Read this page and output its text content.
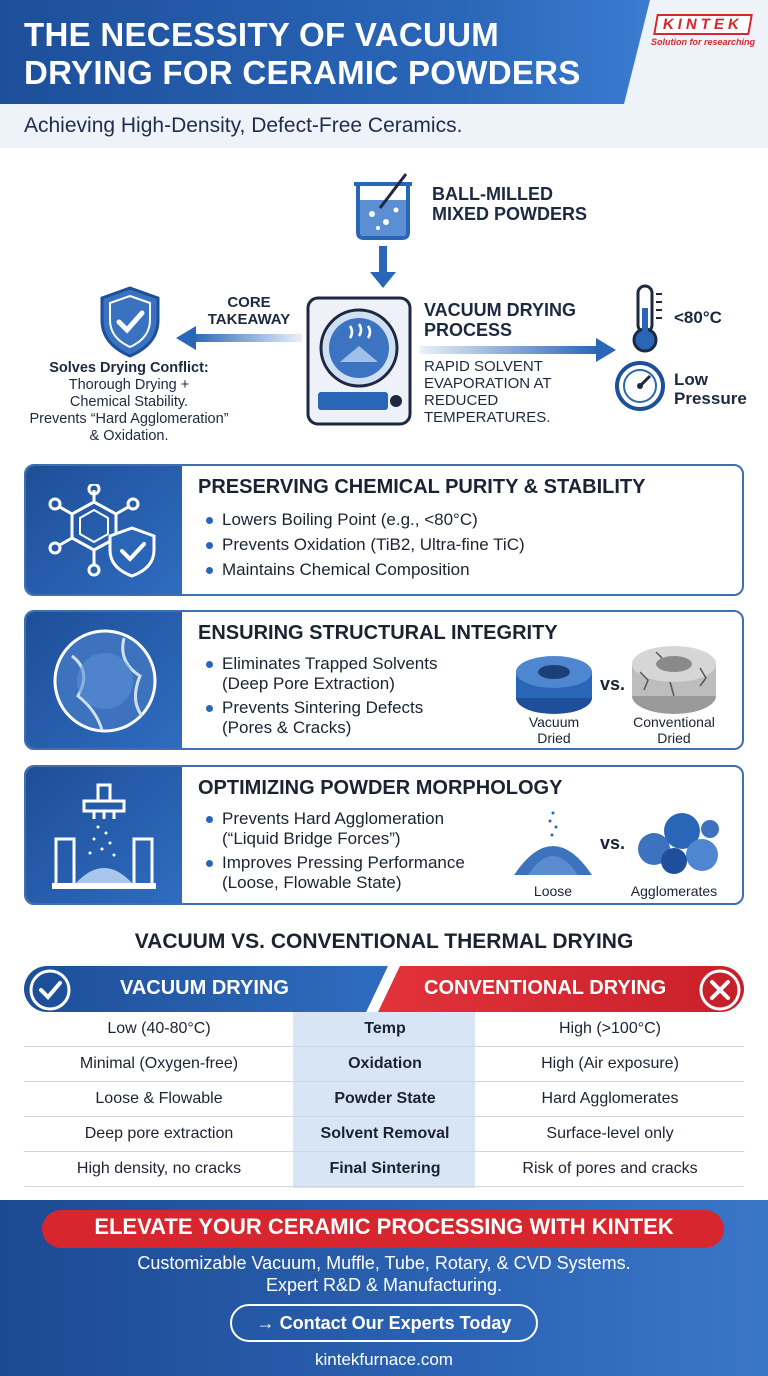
THE NECESSITY OF VACUUM DRYING FOR CERAMIC POWDERS
KINTEK
Solution for researching
Achieving High-Density, Defect-Free Ceramics.
BALL-MILLED
MIXED POWDERS
CORE
TAKEAWAY
Solves Drying Conflict:
Thorough Drying +
Chemical Stability.
Prevents “Hard Agglomeration”
& Oxidation.
VACUUM DRYING
PROCESS
RAPID SOLVENT
EVAPORATION AT
REDUCED
TEMPERATURES.
<80°C
Low
Pressure
PRESERVING CHEMICAL PURITY & STABILITY
Lowers Boiling Point (e.g., <80°C)
Prevents Oxidation (TiB2, Ultra-fine TiC)
Maintains Chemical Composition
ENSURING STRUCTURAL INTEGRITY
Eliminates Trapped Solvents
(Deep Pore Extraction)
Prevents Sintering Defects
(Pores & Cracks)
vs.
Vacuum
Dried
Conventional
Dried
OPTIMIZING POWDER MORPHOLOGY
Prevents Hard Agglomeration
(“Liquid Bridge Forces”)
Improves Pressing Performance
(Loose, Flowable State)
vs.
Loose	Agglomerates
VACUUM VS. CONVENTIONAL THERMAL DRYING
VACUUM DRYING	CONVENTIONAL DRYING
Low (40-80°C)	Temp	High (>100°C)
Minimal (Oxygen-free)	Oxidation	High (Air exposure)
Loose & Flowable	Powder State	Hard Agglomerates
Deep pore extraction	Solvent Removal	Surface-level only
High density, no cracks	Final Sintering	Risk of pores and cracks
ELEVATE YOUR CERAMIC PROCESSING WITH KINTEK
Customizable Vacuum, Muffle, Tube, Rotary, & CVD Systems.
Expert R&D & Manufacturing.
→ Contact Our Experts Today
kintekfurnace.com
